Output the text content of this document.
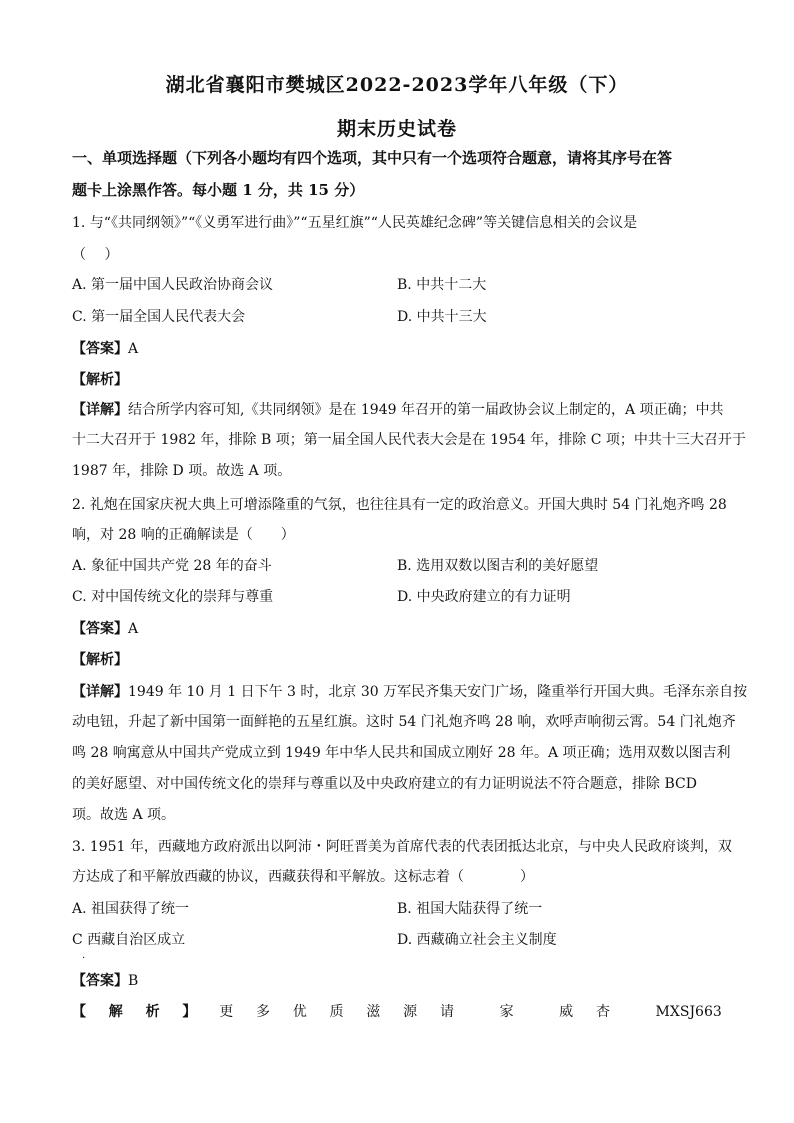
湖北省襄阳市樊城区2022-2023学年八年级（下）
期末历史试卷
一、单项选择题（下列各小题均有四个选项，其中只有一个选项符合题意，请将其序号在答
题卡上涂黑作答。每小题 1 分，共 15 分）
1. 与“《共同纲领》”“《义勇军进行曲》”“五星红旗”“人民英雄纪念碑”等关键信息相关的会议是
（　 ）
A. 第一届中国人民政治协商会议	B. 中共十二大
C. 第一届全国人民代表大会	D. 中共十三大
【答案】A
【解析】
【详解】结合所学内容可知,《共同纲领》是在 1949 年召开的第一届政协会议上制定的，A 项正确；中共
十二大召开于 1982 年，排除 B 项；第一届全国人民代表大会是在 1954 年，排除 C 项；中共十三大召开于
1987 年，排除 D 项。故选 A 项。
2. 礼炮在国家庆祝大典上可增添隆重的气氛，也往往具有一定的政治意义。开国大典时 54 门礼炮齐鸣 28
响，对 28 响的正确解读是（　　）
A. 象征中国共产党 28 年的奋斗	B. 选用双数以图吉利的美好愿望
C. 对中国传统文化的崇拜与尊重	D. 中央政府建立的有力证明
【答案】A
【解析】
【详解】1949 年 10 月 1 日下午 3 时，北京 30 万军民齐集天安门广场，隆重举行开国大典。毛泽东亲自按
动电钮，升起了新中国第一面鲜艳的五星红旗。这时 54 门礼炮齐鸣 28 响，欢呼声响彻云霄。54 门礼炮齐
鸣 28 响寓意从中国共产党成立到 1949 年中华人民共和国成立刚好 28 年。A 项正确；选用双数以图吉利
的美好愿望、对中国传统文化的崇拜与尊重以及中央政府建立的有力证明说法不符合题意，排除 BCD
项。故选 A 项。
3. 1951 年，西藏地方政府派出以阿沛・阿旺晋美为首席代表的代表团抵达北京，与中央人民政府谈判，双
方达成了和平解放西藏的协议，西藏获得和平解放。这标志着（　　　　）
A. 祖国获得了统一	B. 祖国大陆获得了统一
C 西藏自治区成立	D. 西藏确立社会主义制度
·
【答案】B
【 解 析 】 更 多 优 质 滋 源 请	家	威 杏	MXSJ663
